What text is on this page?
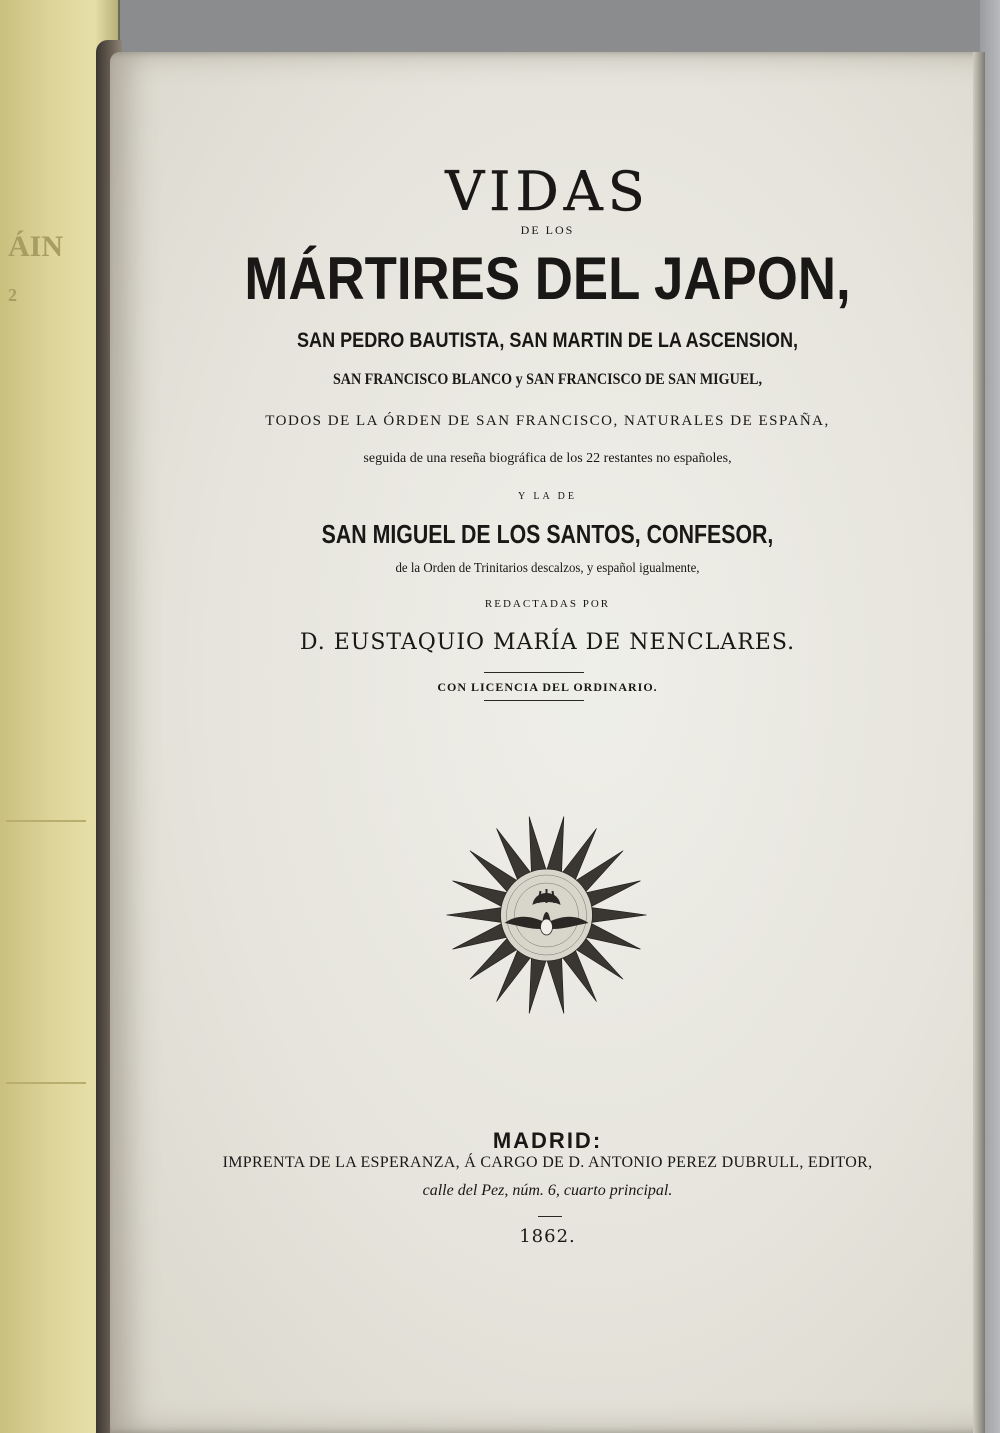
ÁIN
2
VIDAS
DE LOS
MÁRTIRES DEL JAPON,
SAN PEDRO BAUTISTA, SAN MARTIN DE LA ASCENSION,
SAN FRANCISCO BLANCO y SAN FRANCISCO DE SAN MIGUEL,
TODOS DE LA ÓRDEN DE SAN FRANCISCO, NATURALES DE ESPAÑA,
seguida de una reseña biográfica de los 22 restantes no españoles,
Y LA DE
SAN MIGUEL DE LOS SANTOS, CONFESOR,
de la Orden de Trinitarios descalzos, y español igualmente,
REDACTADAS POR
D. EUSTAQUIO MARÍA DE NENCLARES.
CON LICENCIA DEL ORDINARIO.
MADRID:
IMPRENTA DE LA ESPERANZA, Á CARGO DE D. ANTONIO PEREZ DUBRULL, EDITOR,
calle del Pez, núm. 6, cuarto principal.
1862.
